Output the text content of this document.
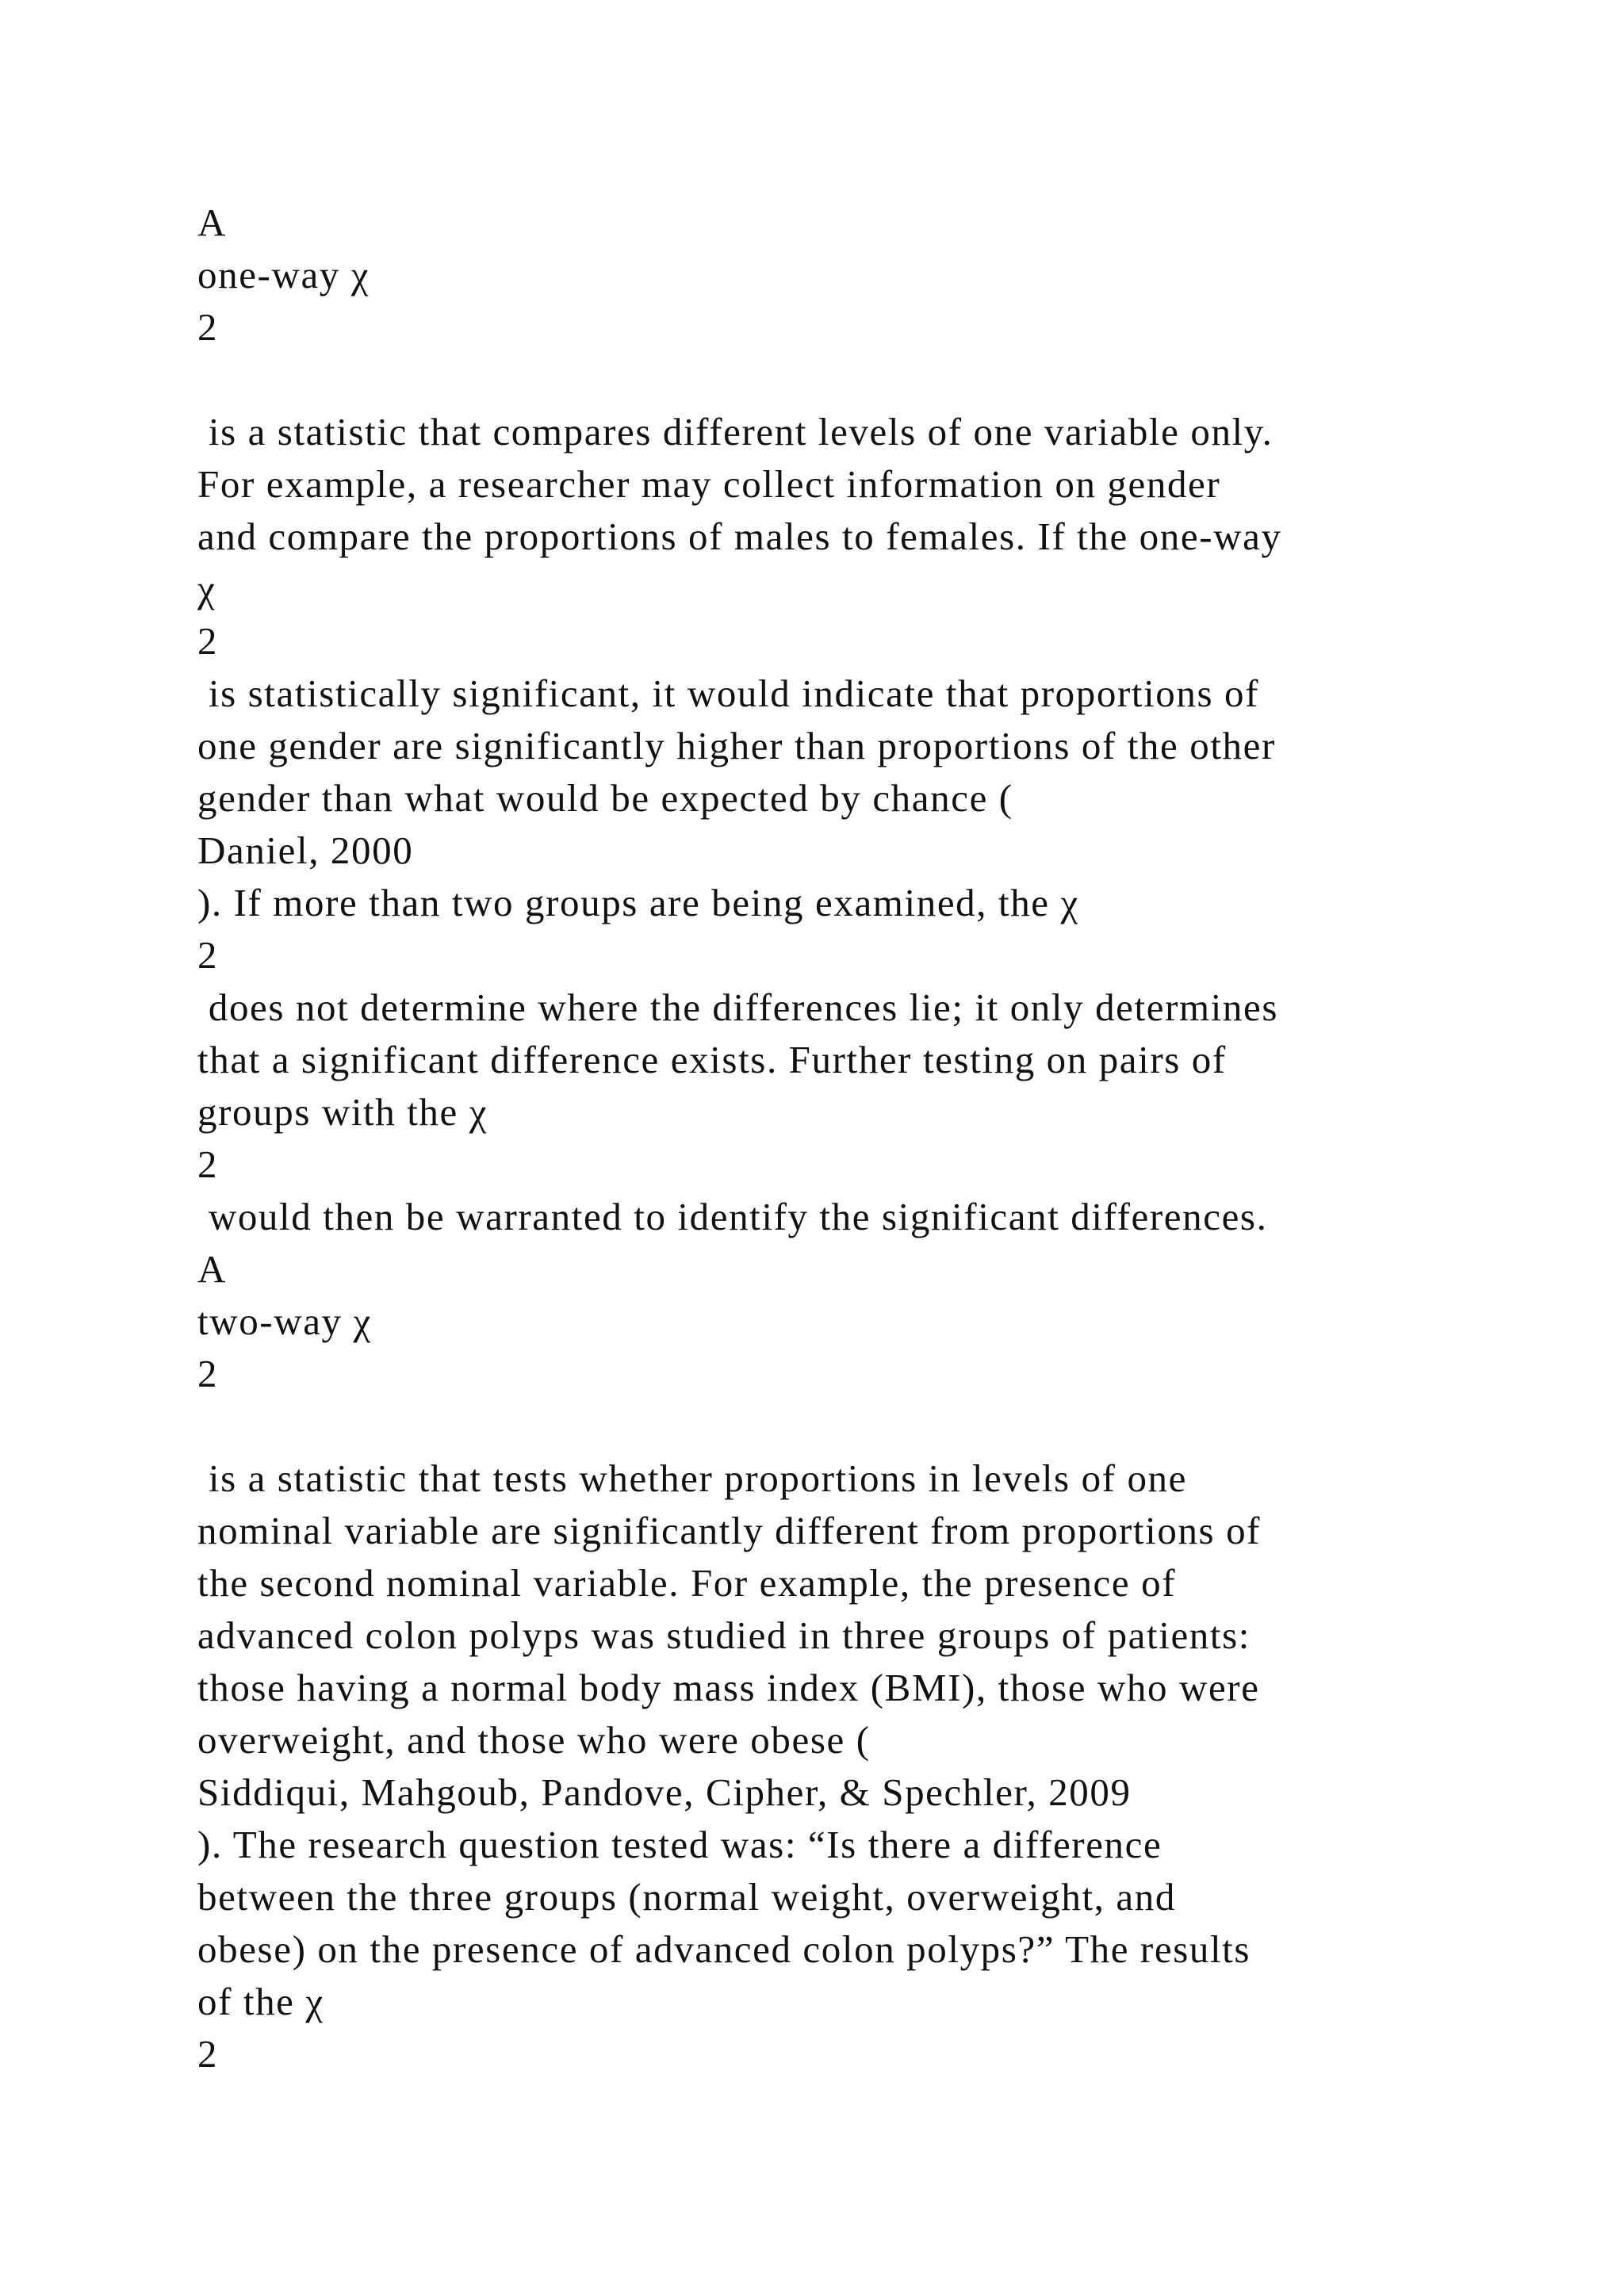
A
one-way χ
2
is a statistic that compares different levels of one variable only.
For example, a researcher may collect information on gender
and compare the proportions of males to females. If the one-way
χ
2
is statistically significant, it would indicate that proportions of
one gender are significantly higher than proportions of the other
gender than what would be expected by chance (
Daniel, 2000
). If more than two groups are being examined, the χ
2
does not determine where the differences lie; it only determines
that a significant difference exists. Further testing on pairs of
groups with the χ
2
would then be warranted to identify the significant differences.
A
two-way χ
2
is a statistic that tests whether proportions in levels of one
nominal variable are significantly different from proportions of
the second nominal variable. For example, the presence of
advanced colon polyps was studied in three groups of patients:
those having a normal body mass index (BMI), those who were
overweight, and those who were obese (
Siddiqui, Mahgoub, Pandove, Cipher, & Spechler, 2009
). The research question tested was: “Is there a difference
between the three groups (normal weight, overweight, and
obese) on the presence of advanced colon polyps?” The results
of the χ
2
